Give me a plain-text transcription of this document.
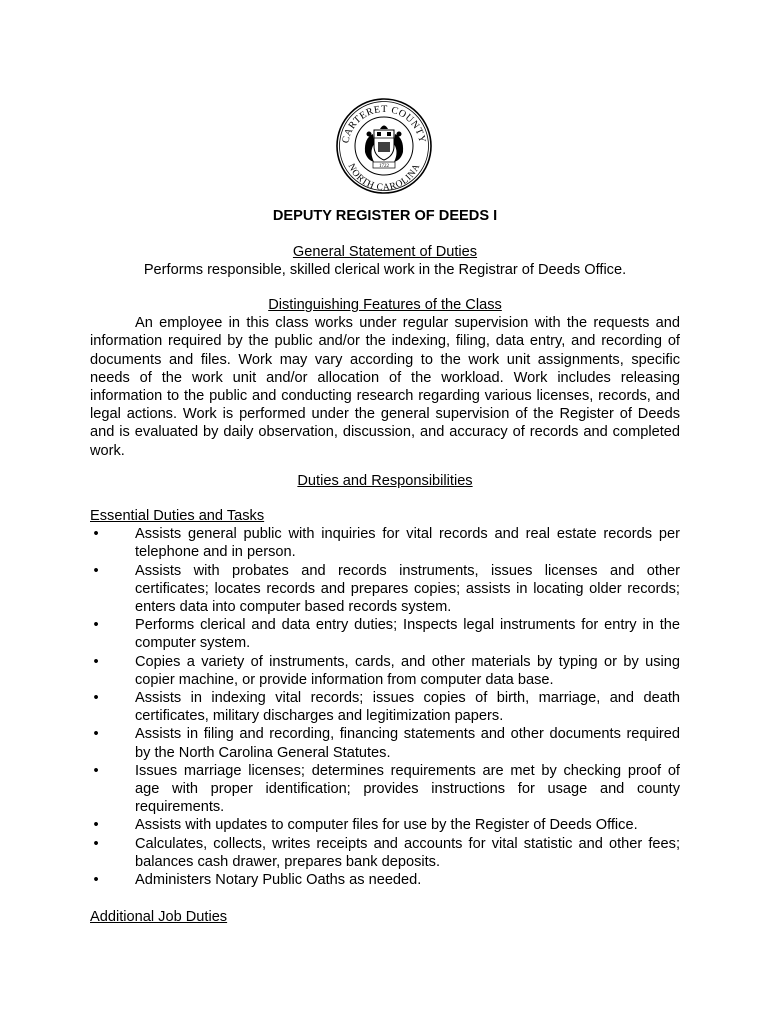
CARTERET COUNTY
NORTH CAROLINA
1722
DEPUTY REGISTER OF DEEDS I

General Statement of Duties

Performs responsible, skilled clerical work in the Registrar of Deeds Office.

Distinguishing Features of the Class

An employee in this class works under regular supervision with the requests and information required by the public and/or the indexing, filing, data entry, and recording of documents and files. Work may vary according to the work unit assignments, specific needs of the work unit and/or allocation of the workload. Work includes releasing information to the public and conducting research regarding various licenses, records, and legal actions. Work is performed under the general supervision of the Register of Deeds and is evaluated by daily observation, discussion, and accuracy of records and completed work.

Duties and Responsibilities

Essential Duties and Tasks

• Assists general public with inquiries for vital records and real estate records per telephone and in person.
• Assists with probates and records instruments, issues licenses and other certificates; locates records and prepares copies; assists in locating older records; enters data into computer based records system.
• Performs clerical and data entry duties; Inspects legal instruments for entry in the computer system.
• Copies a variety of instruments, cards, and other materials by typing or by using copier machine, or provide information from computer data base.
• Assists in indexing vital records; issues copies of birth, marriage, and death certificates, military discharges and legitimization papers.
• Assists in filing and recording, financing statements and other documents required by the North Carolina General Statutes.
• Issues marriage licenses; determines requirements are met by checking proof of age with proper identification; provides instructions for usage and county requirements.
• Assists with updates to computer files for use by the Register of Deeds Office.
• Calculates, collects, writes receipts and accounts for vital statistic and other fees; balances cash drawer, prepares bank deposits.
• Administers Notary Public Oaths as needed.

Additional Job Duties
